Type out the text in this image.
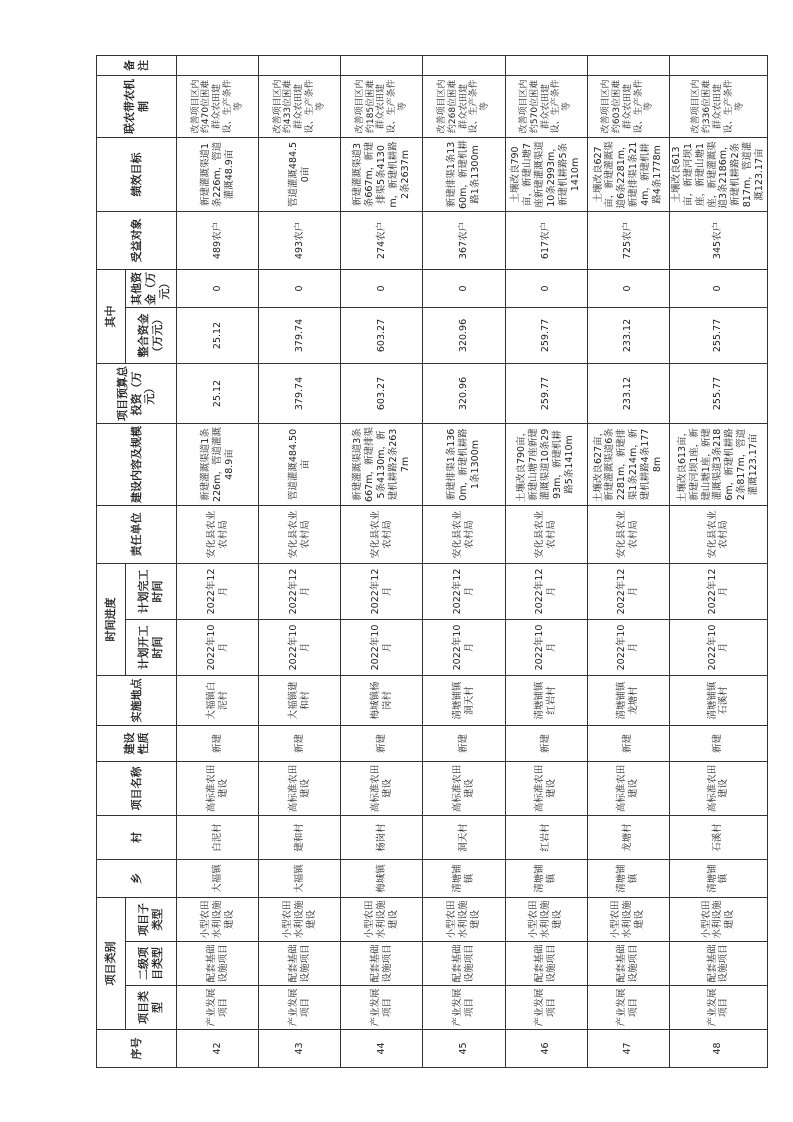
序号	项目类别			乡	村	项目名称	建设性质	实施地点	时间进度		责任单位	建设内容及规模	项目预算总投资（万元）	其中		受益对象	绩效目标	联农带农机制	备注
	项目类型	二级项目类型	项目子类型						计划开工时间	计划完工时间				整合资金（万元）	其他资金（万元）				
42	产业发展项目	配套基础设施项目	小型农田水利设施建设	大福镇	白泥村	高标准农田建设	新建	大福镇白泥村	2022年10月	2022年12月	安化县农业农村局	新建灌溉渠道1条226m，管道灌溉48.9亩	25.12	25.12	0	489农户	新建灌溉渠道1条226m，管道灌溉48.9亩	改善项目区内约470位困难群众农田建设、生产条件等	
43	产业发展项目	配套基础设施项目	小型农田水利设施建设	大福镇	建和村	高标准农田建设	新建	大福镇建和村	2022年10月	2022年12月	安化县农业农村局	管道灌溉484.50亩	379.74	379.74	0	493农户	管道灌溉484.50亩	改善项目区内约433位困难群众农田建设、生产条件等	
44	产业发展项目	配套基础设施项目	小型农田水利设施建设	梅城镇	杨岗村	高标准农田建设	新建	梅城镇杨岗村	2022年10月	2022年12月	安化县农业农村局	新建灌溉渠道3条667m，新建排渠5条4130m，新建机耕路2条2637m	603.27	603.27	0	274农户	新建灌溉渠道3条667m，新建排渠5条4130m，新建机耕路2条2637m	改善项目区内约185位困难群众农田建设、生产条件等	
45	产业发展项目	配套基础设施项目	小型农田水利设施建设	清塘铺镇	洞天村	高标准农田建设	新建	清塘铺镇洞天村	2022年10月	2022年12月	安化县农业农村局	新建排渠1条1360m，新建机耕路1条1300m	320.96	320.96	0	367农户	新建排渠1条1360m，新建机耕路1条1300m	改善项目区内约268位困难群众农田建设、生产条件等	
46	产业发展项目	配套基础设施项目	小型农田水利设施建设	清塘铺镇	红岩村	高标准农田建设	新建	清塘铺镇红岩村	2022年10月	2022年12月	安化县农业农村局	土壤改良790亩，新建山塘7座新建灌溉渠道10条2993m，新建机耕路5条1410m	259.77	259.77	0	617农户	土壤改良790亩，新建山塘7座新建灌溉渠道10条2993m，新建机耕路5条1410m	改善项目区内约570位困难群众农田建设、生产条件等	
47	产业发展项目	配套基础设施项目	小型农田水利设施建设	清塘铺镇	龙塘村	高标准农田建设	新建	清塘铺镇龙塘村	2022年10月	2022年12月	安化县农业农村局	土壤改良627亩，新建灌溉渠道6条2281m，新建排渠1条214m，新建机耕路4条1778m	233.12	233.12	0	725农户	土壤改良627亩，新建灌溉渠道6条2281m，新建排渠1条214m，新建机耕路4条1778m	改善项目区内约603位困难群众农田建设、生产条件等	
48	产业发展项目	配套基础设施项目	小型农田水利设施建设	清塘铺镇	石溪村	高标准农田建设	新建	清塘铺镇石溪村	2022年10月	2022年12月	安化县农业农村局	土壤改良613亩，新建河坝1座，新建山塘1座，新建灌溉渠道3条2186m，新建机耕路2条817m，管道灌溉123.17亩	255.77	255.77	0	345农户	土壤改良613亩，新建河坝1座，新建山塘1座，新建灌溉渠道3条2186m，新建机耕路2条817m，管道灌溉123.17亩	改善项目区内约336位困难群众农田建设、生产条件等	
